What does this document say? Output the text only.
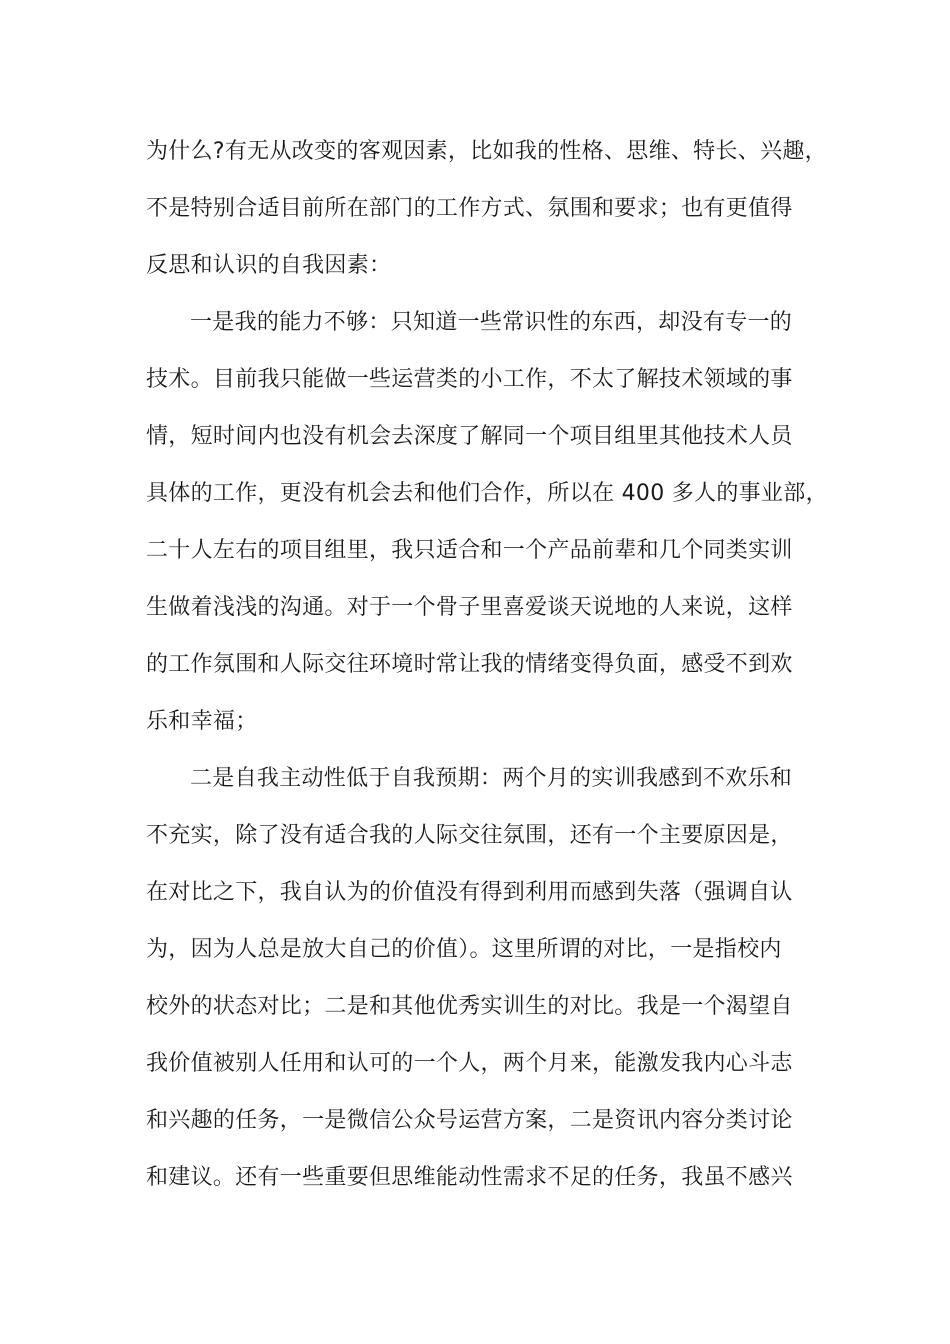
为什么?有无从改变的客观因素，比如我的性格、思维、特长、兴趣，
不是特别合适目前所在部门的工作方式、氛围和要求；也有更值得
反思和认识的自我因素：
一是我的能力不够：只知道一些常识性的东西，却没有专一的
技术。目前我只能做一些运营类的小工作，不太了解技术领域的事
情，短时间内也没有机会去深度了解同一个项目组里其他技术人员
具体的工作，更没有机会去和他们合作，所以在 400 多人的事业部，
二十人左右的项目组里，我只适合和一个产品前辈和几个同类实训
生做着浅浅的沟通。对于一个骨子里喜爱谈天说地的人来说，这样
的工作氛围和人际交往环境时常让我的情绪变得负面，感受不到欢
乐和幸福；
二是自我主动性低于自我预期：两个月的实训我感到不欢乐和
不充实，除了没有适合我的人际交往氛围，还有一个主要原因是，
在对比之下，我自认为的价值没有得到利用而感到失落（强调自认
为，因为人总是放大自己的价值）。这里所谓的对比，一是指校内
校外的状态对比；二是和其他优秀实训生的对比。我是一个渴望自
我价值被别人任用和认可的一个人，两个月来，能激发我内心斗志
和兴趣的任务，一是微信公众号运营方案，二是资讯内容分类讨论
和建议。还有一些重要但思维能动性需求不足的任务，我虽不感兴
